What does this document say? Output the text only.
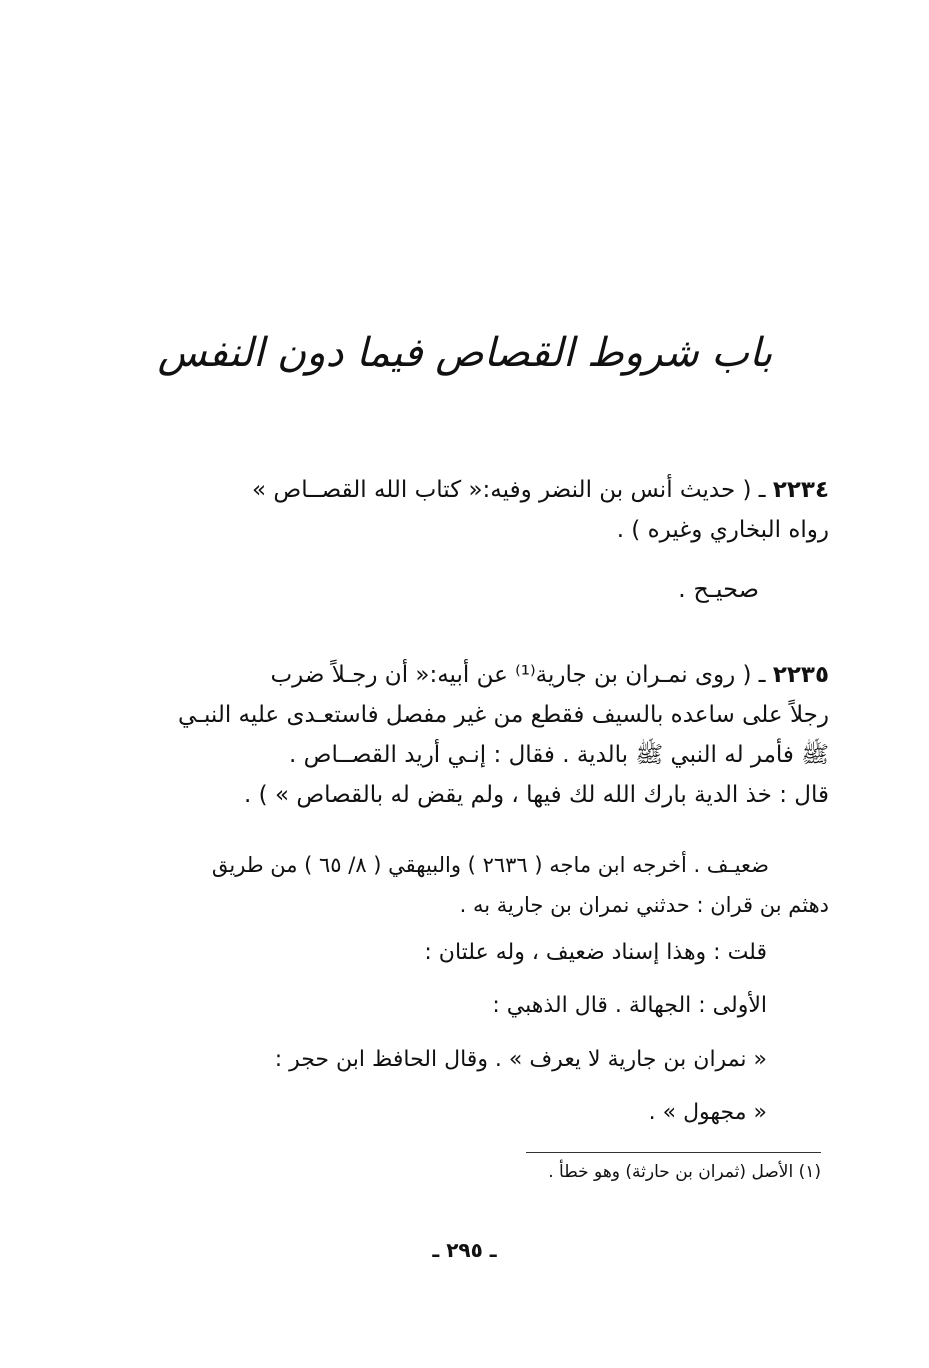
باب شروط القصاص فيما دون النفس

٢٢٣٤ ـ ( حديث أنس بن النضر وفيه:« كتاب الله القصــاص »

رواه البخاري وغيره ) .

صحيـح .

٢٢٣٥ ـ ( روى نمـران بن جارية⁽¹⁾ عن أبيه:« أن رجـلاً ضرب

رجلاً على ساعده بالسيف فقطع من غير مفصل فاستعـدى عليه النبـي

ﷺ فأمر له النبي ﷺ بالدية . فقال : إنـي أريد القصــاص .

قال : خذ الدية بارك الله لك فيها ، ولم يقض له بالقصاص » ) .

ضعيـف . أخرجه ابن ماجه ( ٢٦٣٦ ) والبيهقي ( ٨/ ٦٥ ) من طريق

دهثم بن قران : حدثني نمران بن جارية به .

قلت : وهذا إسناد ضعيف ، وله علتان :
الأولى : الجهالة . قال الذهبي :
« نمران بن جارية لا يعرف » . وقال الحافظ ابن حجر :
« مجهول » .
(١) الأصل (ثمران بن حارثة) وهو خطأ .
ـ ٢٩٥ ـ
